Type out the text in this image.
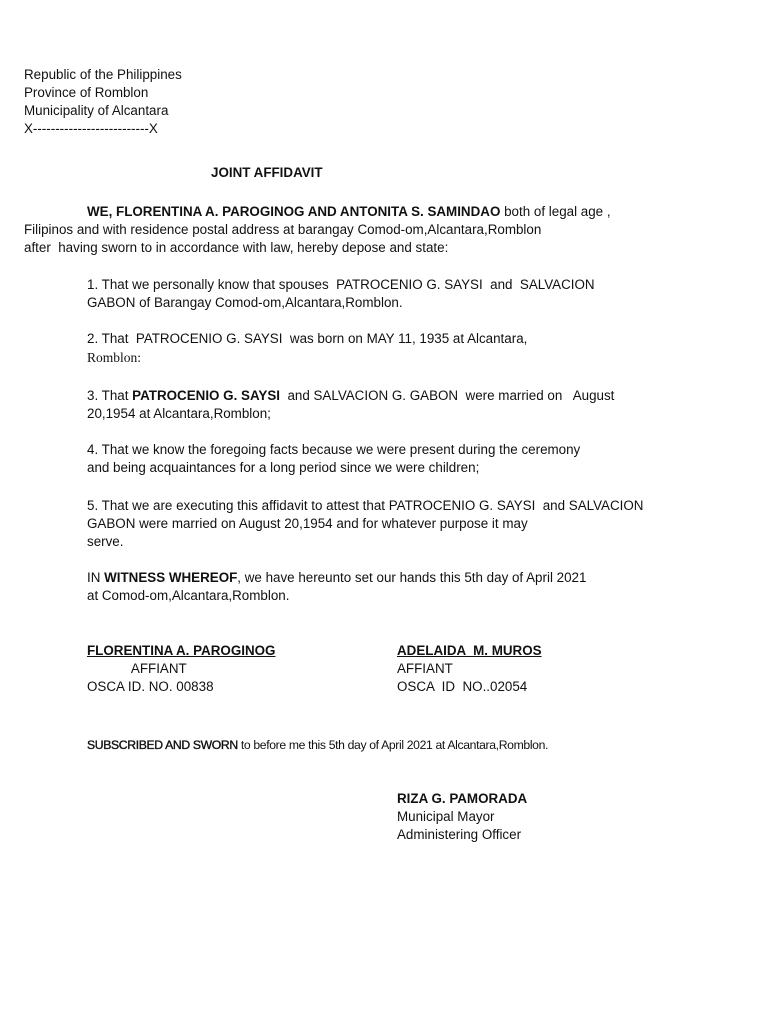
Republic of the Philippines
Province of Romblon
Municipality of Alcantara
X--------------------------X
JOINT AFFIDAVIT
WE, FLORENTINA A. PAROGINOG AND ANTONITA S. SAMINDAO both of legal age ,
Filipinos and with residence postal address at barangay Comod-om,Alcantara,Romblon
after  having sworn to in accordance with law, hereby depose and state:
1. That we personally know that spouses  PATROCENIO G. SAYSI  and  SALVACION
GABON of Barangay Comod-om,Alcantara,Romblon.
2. That  PATROCENIO G. SAYSI  was born on MAY 11, 1935 at Alcantara,
Romblon:
3. That PATROCENIO G. SAYSI  and SALVACION G. GABON  were married on   August
20,1954 at Alcantara,Romblon;
4. That we know the foregoing facts because we were present during the ceremony
and being acquaintances for a long period since we were children;
5. That we are executing this affidavit to attest that PATROCENIO G. SAYSI  and SALVACION
GABON were married on August 20,1954 and for whatever purpose it may
serve.
IN WITNESS WHEREOF, we have hereunto set our hands this 5th day of April 2021
at Comod-om,Alcantara,Romblon.
FLORENTINA A. PAROGINOG
AFFIANT
OSCA ID. NO. 00838
ADELAIDA  M. MUROS
AFFIANT
OSCA  ID  NO..02054
SUBSCRIBED AND SWORN to before me this 5th day of April 2021 at Alcantara,Romblon.
RIZA G. PAMORADA
Municipal Mayor
Administering Officer
